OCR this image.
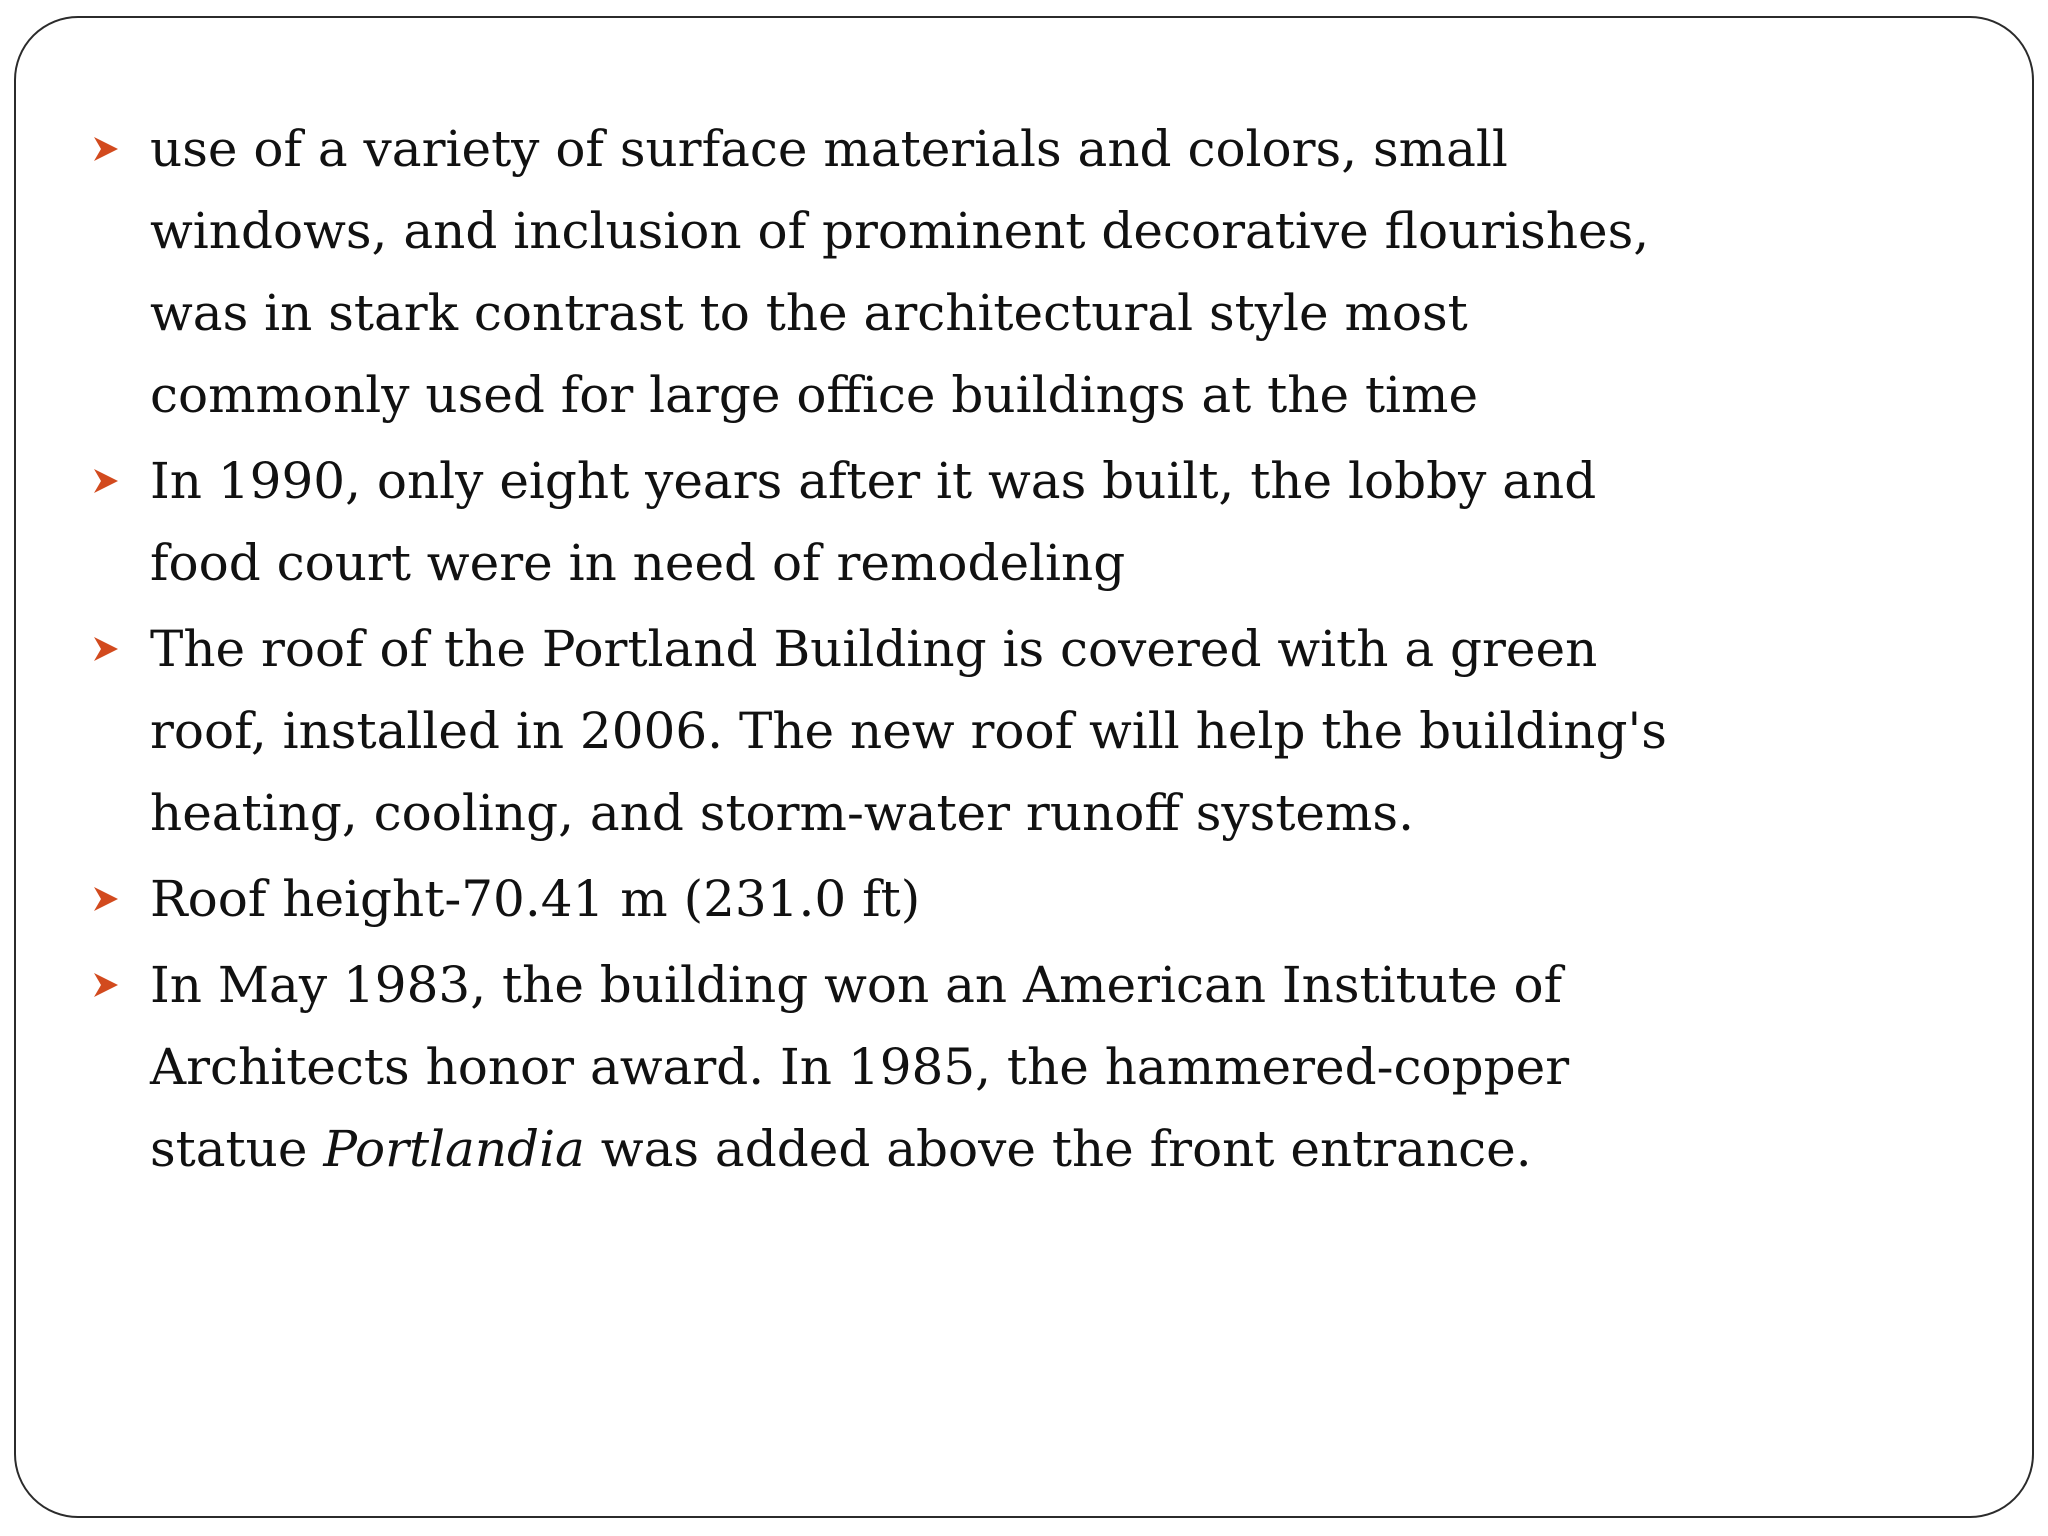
use of a variety of surface materials and colors, small
windows, and inclusion of prominent decorative flourishes,
was in stark contrast to the architectural style most
commonly used for large office buildings at the time
In 1990, only eight years after it was built, the lobby and
food court were in need of remodeling
The roof of the Portland Building is covered with a green
roof, installed in 2006. The new roof will help the building's
heating, cooling, and storm-water runoff systems.
Roof height-70.41 m (231.0 ft)
In May 1983, the building won an American Institute of
Architects honor award. In 1985, the hammered-copper
statue Portlandia was added above the front entrance.
